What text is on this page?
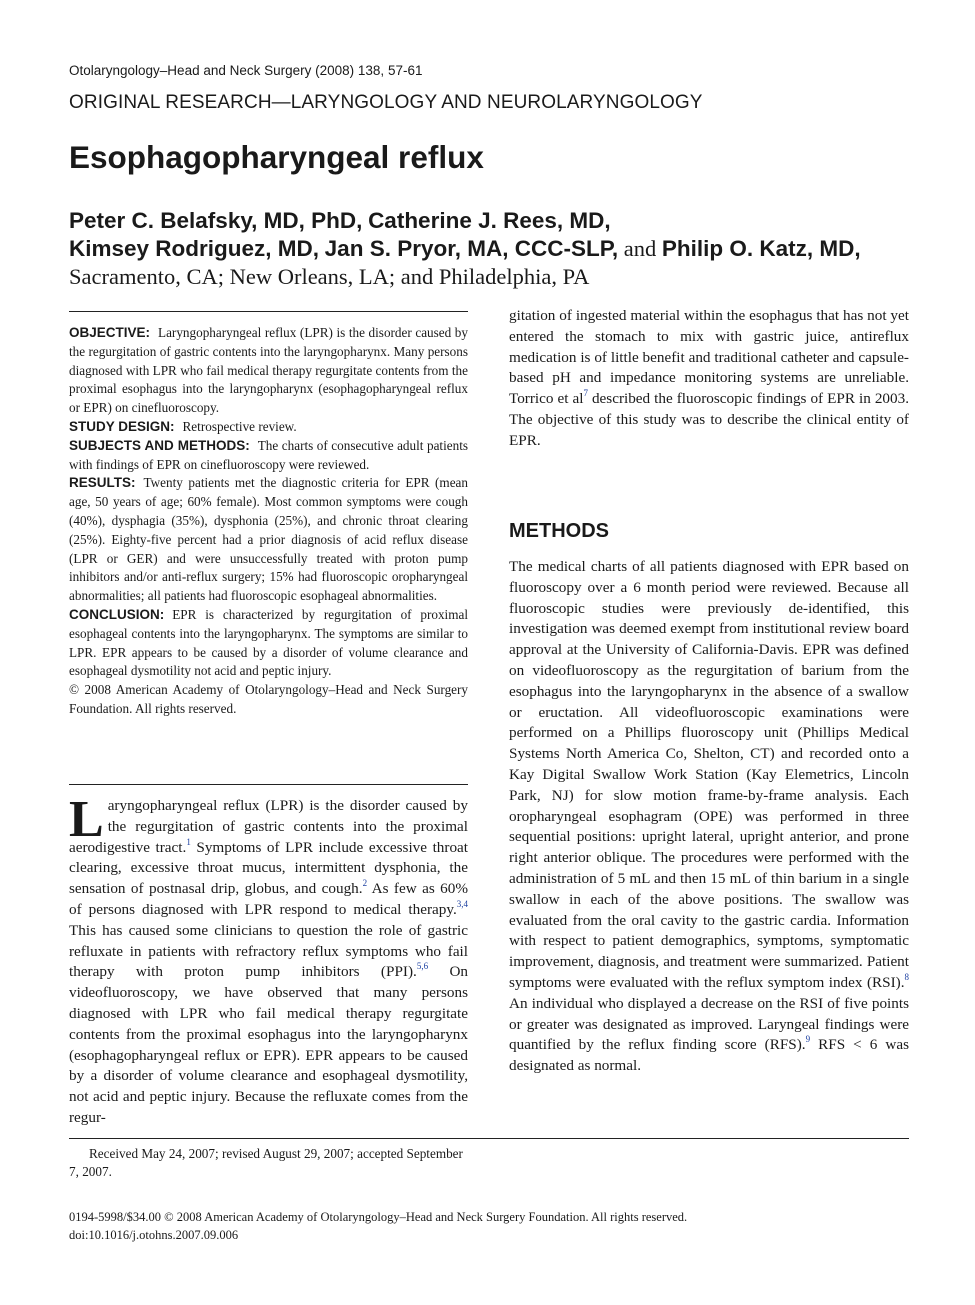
Otolaryngology–Head and Neck Surgery (2008) 138, 57-61
ORIGINAL RESEARCH—LARYNGOLOGY AND NEUROLARYNGOLOGY
Esophagopharyngeal reflux
Peter C. Belafsky, MD, PhD, Catherine J. Rees, MD,
Kimsey Rodriguez, MD, Jan S. Pryor, MA, CCC-SLP, and Philip O. Katz, MD,
Sacramento, CA; New Orleans, LA; and Philadelphia, PA

OBJECTIVE: Laryngopharyngeal reflux (LPR) is the disorder caused by the regurgitation of gastric contents into the laryngopharynx. Many persons diagnosed with LPR who fail medical therapy regurgitate contents from the proximal esophagus into the laryngopharynx (esophagopharyngeal reflux or EPR) on cinefluoroscopy.

STUDY DESIGN: Retrospective review.

SUBJECTS AND METHODS: The charts of consecutive adult patients with findings of EPR on cinefluoroscopy were reviewed.

RESULTS: Twenty patients met the diagnostic criteria for EPR (mean age, 50 years of age; 60% female). Most common symptoms were cough (40%), dysphagia (35%), dysphonia (25%), and chronic throat clearing (25%). Eighty-five percent had a prior diagnosis of acid reflux disease (LPR or GER) and were unsuccessfully treated with proton pump inhibitors and/or anti-reflux surgery; 15% had fluoroscopic oropharyngeal abnormalities; all patients had fluoroscopic esophageal abnormalities.

CONCLUSION: EPR is characterized by regurgitation of proximal esophageal contents into the laryngopharynx. The symptoms are similar to LPR. EPR appears to be caused by a disorder of volume clearance and esophageal dysmotility not acid and peptic injury.

© 2008 American Academy of Otolaryngology–Head and Neck Surgery Foundation. All rights reserved.

Laryngopharyngeal reflux (LPR) is the disorder caused by the regurgitation of gastric contents into the proximal aerodigestive tract.$^1$ Symptoms of LPR include excessive throat clearing, excessive throat mucus, intermittent dysphonia, the sensation of postnasal drip, globus, and cough.$^2$ As few as 60% of persons diagnosed with LPR respond to medical therapy.$^{3,4}$ This has caused some clinicians to question the role of gastric refluxate in patients with refractory reflux symptoms who fail therapy with proton pump inhibitors (PPI).$^{5,6}$ On videofluoroscopy, we have observed that many persons diagnosed with LPR who fail medical therapy regurgitate contents from the proximal esophagus into the laryngopharynx (esophagopharyngeal reflux or EPR). EPR appears to be caused by a disorder of volume clearance and esophageal dysmotility, not acid and peptic injury. Because the refluxate comes from the regur-

gitation of ingested material within the esophagus that has not yet entered the stomach to mix with gastric juice, antireflux medication is of little benefit and traditional catheter and capsule-based pH and impedance monitoring systems are unreliable. Torrico et $al^7$ described the fluoroscopic findings of EPR in 2003. The objective of this study was to describe the clinical entity of EPR.

METHODS

The medical charts of all patients diagnosed with EPR based on fluoroscopy over a 6 month period were reviewed. Because all fluoroscopic studies were previously de-identified, this investigation was deemed exempt from institutional review board approval at the University of California-Davis. EPR was defined on videofluoroscopy as the regurgitation of barium from the esophagus into the laryngopharynx in the absence of a swallow or eructation. All videofluoroscopic examinations were performed on a Phillips fluoroscopy unit (Phillips Medical Systems North America Co, Shelton, CT) and recorded onto a Kay Digital Swallow Work Station (Kay Elemetrics, Lincoln Park, NJ) for slow motion frame-by-frame analysis. Each oropharyngeal esophagram (OPE) was performed in three sequential positions: upright lateral, upright anterior, and prone right anterior oblique. The procedures were performed with the administration of 5 mL and then 15 mL of thin barium in a single swallow in each of the above positions. The swallow was evaluated from the oral cavity to the gastric cardia. Information with respect to patient demographics, symptoms, symptomatic improvement, diagnosis, and treatment were summarized. Patient symptoms were evaluated with the reflux symptom index (RSI).$^8$ An individual who displayed a decrease on the RSI of five points or greater was designated as improved. Laryngeal findings were quantified by the reflux finding score (RFS).$^9$ RFS < 6 was designated as normal.

Received May 24, 2007; revised August 29, 2007; accepted September 7, 2007.
0194-5998/$34.00 © 2008 American Academy of Otolaryngology–Head and Neck Surgery Foundation. All rights reserved.
doi:10.1016/j.otohns.2007.09.006
